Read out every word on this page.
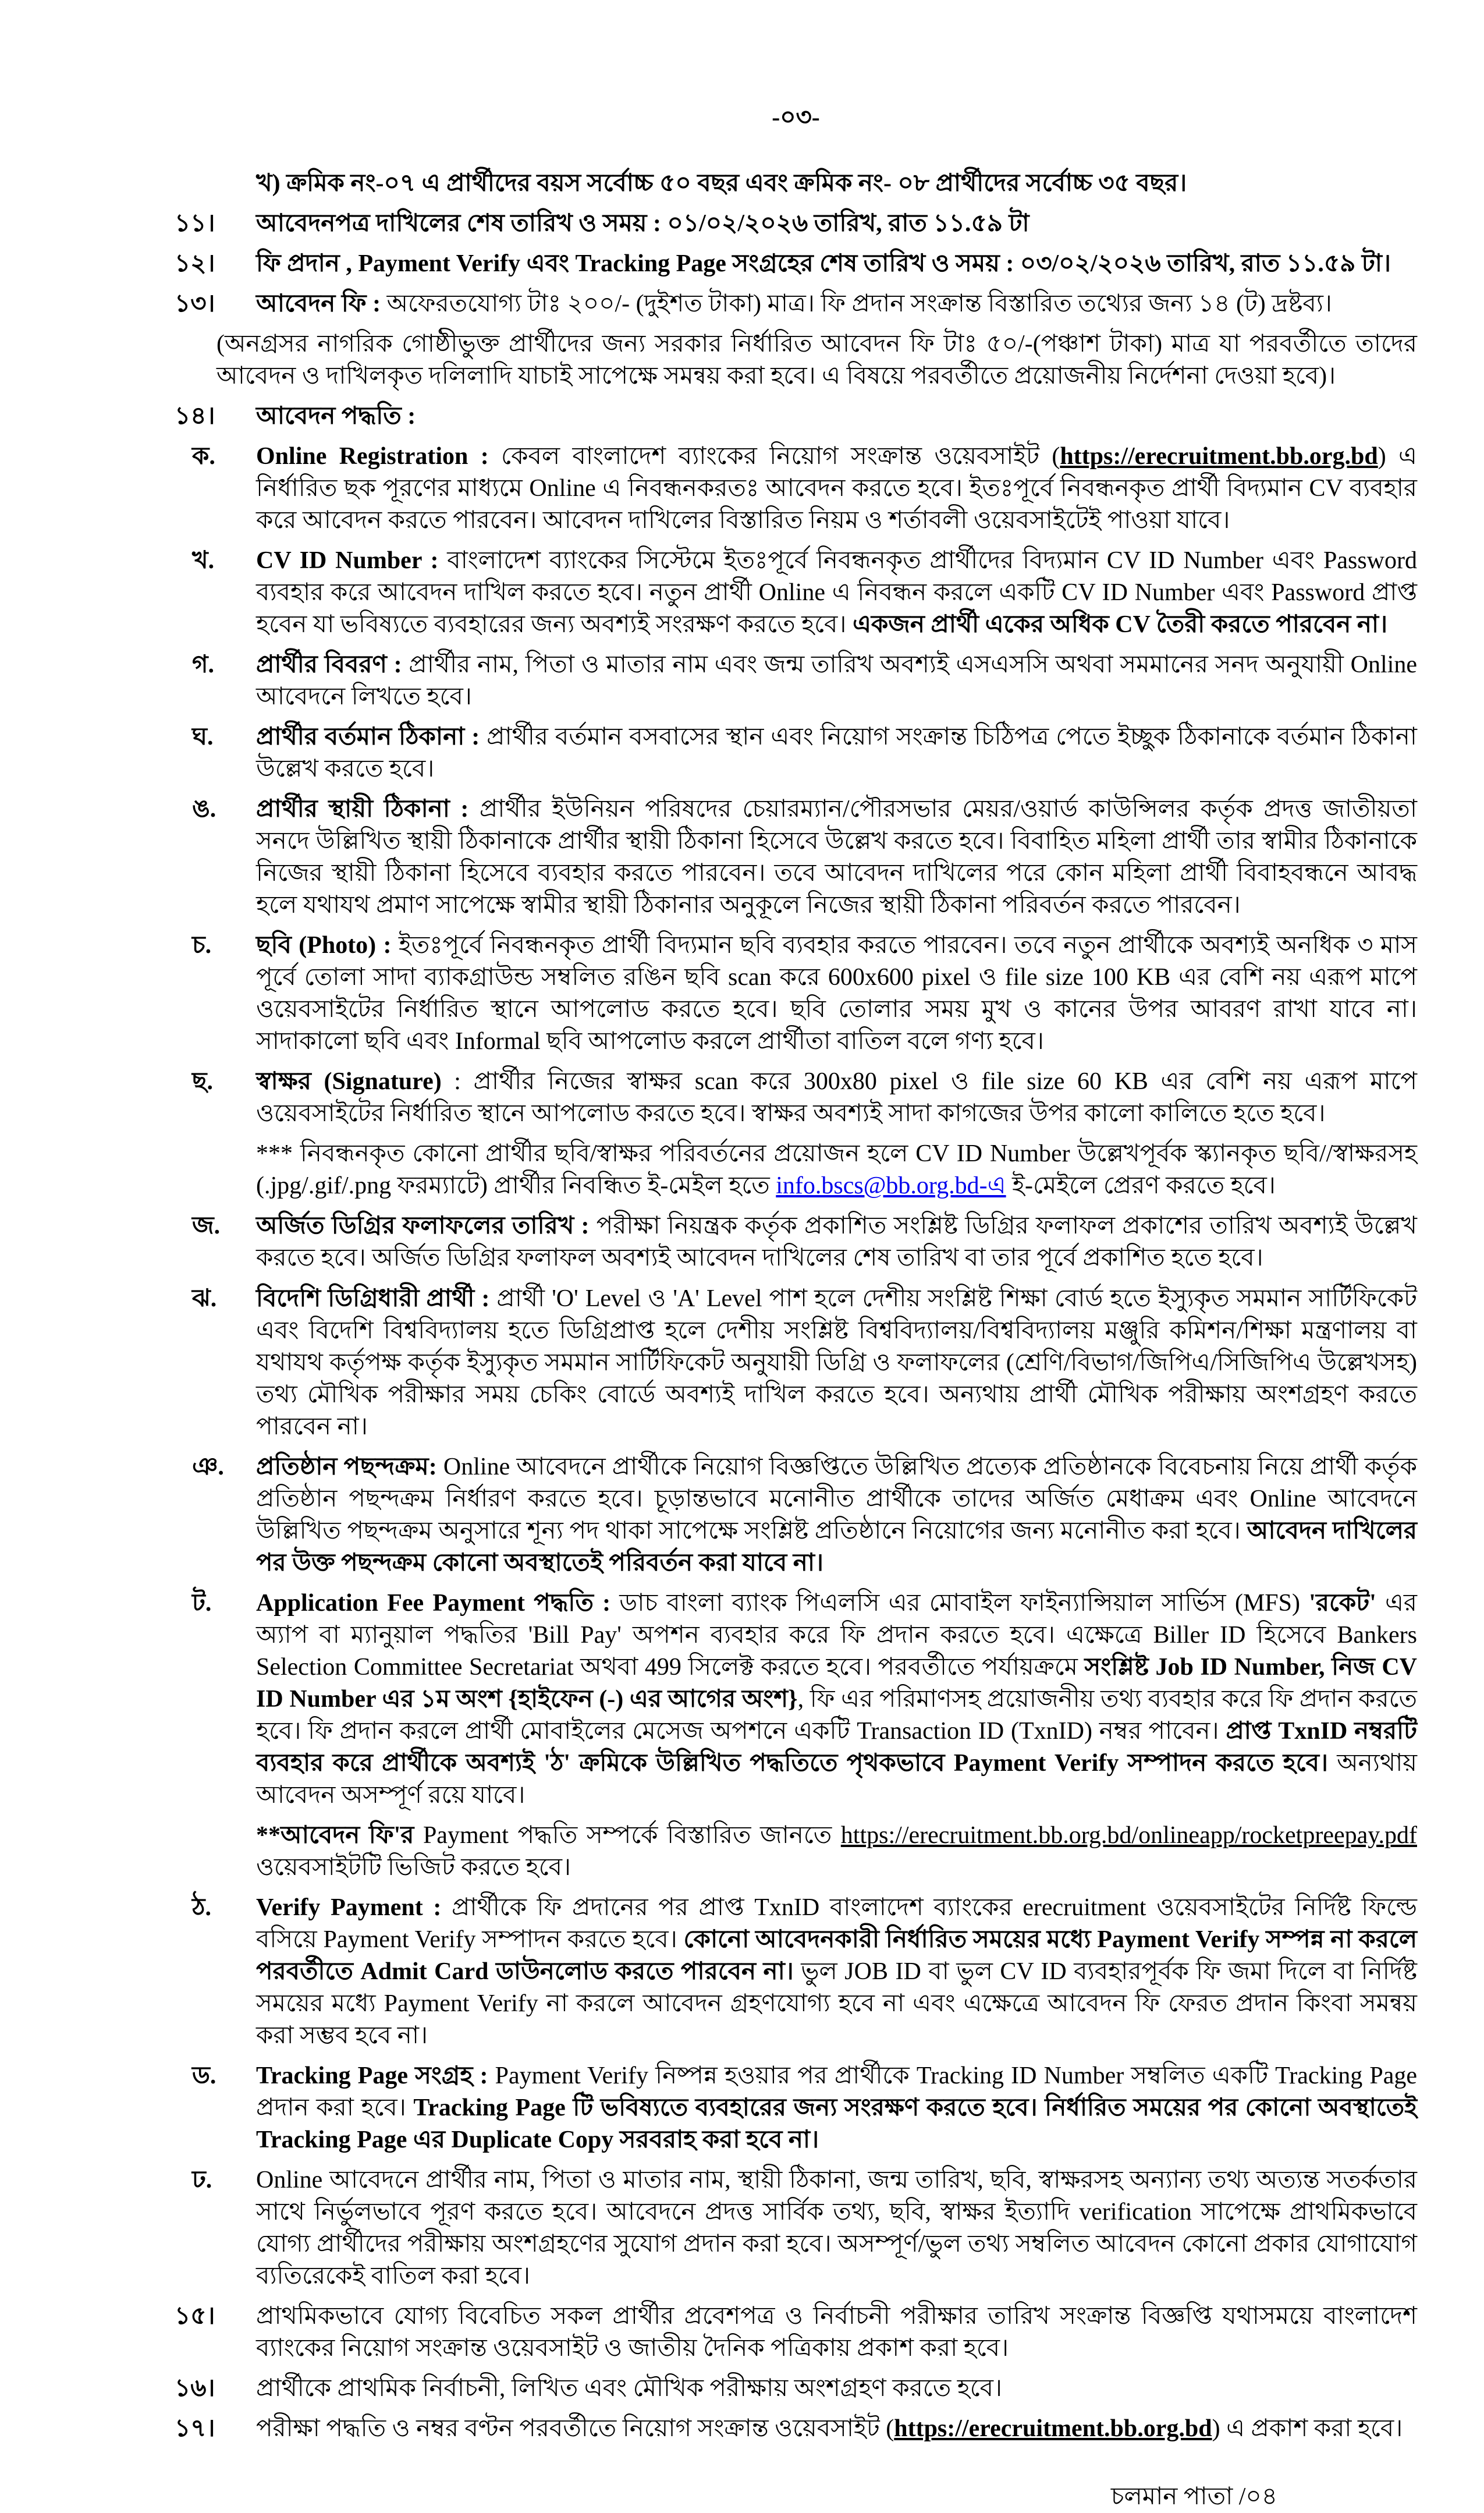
-০৩-
খ) ক্রমিক নং-০৭ এ প্রার্থীদের বয়স সর্বোচ্চ ৫০ বছর এবং ক্রমিক নং- ০৮ প্রার্থীদের সর্বোচ্চ ৩৫ বছর।
১১।	আবেদনপত্র দাখিলের শেষ তারিখ ও সময় : ০১/০২/২০২৬ তারিখ, রাত ১১.৫৯ টা
১২।	ফি প্রদান , Payment Verify এবং Tracking Page সংগ্রহের শেষ তারিখ ও সময় : ০৩/০২/২০২৬ তারিখ, রাত ১১.৫৯ টা।
১৩।	আবেদন ফি : অফেরতযোগ্য টাঃ ২০০/- (দুইশত টাকা) মাত্র। ফি প্রদান সংক্রান্ত বিস্তারিত তথ্যের জন্য ১৪ (ট) দ্রষ্টব্য।
(অনগ্রসর নাগরিক গোষ্ঠীভুক্ত প্রার্থীদের জন্য সরকার নির্ধারিত আবেদন ফি টাঃ ৫০/-(পঞ্চাশ টাকা) মাত্র যা পরবর্তীতে তাদের আবেদন ও দাখিলকৃত দলিলাদি যাচাই সাপেক্ষে সমন্বয় করা হবে। এ বিষয়ে পরবর্তীতে প্রয়োজনীয় নির্দেশনা দেওয়া হবে)।
১৪।	আবেদন পদ্ধতি :
ক.	Online Registration : কেবল বাংলাদেশ ব্যাংকের নিয়োগ সংক্রান্ত ওয়েবসাইট (https://erecruitment.bb.org.bd) এ নির্ধারিত ছক পূরণের মাধ্যমে Online এ নিবন্ধনকরতঃ আবেদন করতে হবে। ইতঃপূর্বে নিবন্ধনকৃত প্রার্থী বিদ্যমান CV ব্যবহার করে আবেদন করতে পারবেন। আবেদন দাখিলের বিস্তারিত নিয়ম ও শর্তাবলী ওয়েবসাইটেই পাওয়া যাবে।
খ.	CV ID Number : বাংলাদেশ ব্যাংকের সিস্টেমে ইতঃপূর্বে নিবন্ধনকৃত প্রার্থীদের বিদ্যমান CV ID Number এবং Password ব্যবহার করে আবেদন দাখিল করতে হবে। নতুন প্রার্থী Online এ নিবন্ধন করলে একটি CV ID Number এবং Password প্রাপ্ত হবেন যা ভবিষ্যতে ব্যবহারের জন্য অবশ্যই সংরক্ষণ করতে হবে। একজন প্রার্থী একের অধিক CV তৈরী করতে পারবেন না।
গ.	প্রার্থীর বিবরণ : প্রার্থীর নাম, পিতা ও মাতার নাম এবং জন্ম তারিখ অবশ্যই এসএসসি অথবা সমমানের সনদ অনুযায়ী Online আবেদনে লিখতে হবে।
ঘ.	প্রার্থীর বর্তমান ঠিকানা : প্রার্থীর বর্তমান বসবাসের স্থান এবং নিয়োগ সংক্রান্ত চিঠিপত্র পেতে ইচ্ছুক ঠিকানাকে বর্তমান ঠিকানা উল্লেখ করতে হবে।
ঙ.	প্রার্থীর স্থায়ী ঠিকানা : প্রার্থীর ইউনিয়ন পরিষদের চেয়ারম্যান/পৌরসভার মেয়র/ওয়ার্ড কাউন্সিলর কর্তৃক প্রদত্ত জাতীয়তা সনদে উল্লিখিত স্থায়ী ঠিকানাকে প্রার্থীর স্থায়ী ঠিকানা হিসেবে উল্লেখ করতে হবে। বিবাহিত মহিলা প্রার্থী তার স্বামীর ঠিকানাকে নিজের স্থায়ী ঠিকানা হিসেবে ব্যবহার করতে পারবেন। তবে আবেদন দাখিলের পরে কোন মহিলা প্রার্থী বিবাহবন্ধনে আবদ্ধ হলে যথাযথ প্রমাণ সাপেক্ষে স্বামীর স্থায়ী ঠিকানার অনুকূলে নিজের স্থায়ী ঠিকানা পরিবর্তন করতে পারবেন।
চ.	ছবি (Photo) : ইতঃপূর্বে নিবন্ধনকৃত প্রার্থী বিদ্যমান ছবি ব্যবহার করতে পারবেন। তবে নতুন প্রার্থীকে অবশ্যই অনধিক ৩ মাস পূর্বে তোলা সাদা ব্যাকগ্রাউন্ড সম্বলিত রঙিন ছবি scan করে 600x600 pixel ও file size 100 KB এর বেশি নয় এরূপ মাপে ওয়েবসাইটের নির্ধারিত স্থানে আপলোড করতে হবে। ছবি তোলার সময় মুখ ও কানের উপর আবরণ রাখা যাবে না। সাদাকালো ছবি এবং Informal ছবি আপলোড করলে প্রার্থীতা বাতিল বলে গণ্য হবে।
ছ.	স্বাক্ষর (Signature) : প্রার্থীর নিজের স্বাক্ষর scan করে 300x80 pixel ও file size 60 KB এর বেশি নয় এরূপ মাপে ওয়েবসাইটের নির্ধারিত স্থানে আপলোড করতে হবে। স্বাক্ষর অবশ্যই সাদা কাগজের উপর কালো কালিতে হতে হবে।
*** নিবন্ধনকৃত কোনো প্রার্থীর ছবি/স্বাক্ষর পরিবর্তনের প্রয়োজন হলে CV ID Number উল্লেখপূর্বক স্ক্যানকৃত ছবি//স্বাক্ষরসহ (.jpg/.gif/.png ফরম্যাটে) প্রার্থীর নিবন্ধিত ই-মেইল হতে info.bscs@bb.org.bd-এ ই-মেইলে প্রেরণ করতে হবে।
জ.	অর্জিত ডিগ্রির ফলাফলের তারিখ : পরীক্ষা নিয়ন্ত্রক কর্তৃক প্রকাশিত সংশ্লিষ্ট ডিগ্রির ফলাফল প্রকাশের তারিখ অবশ্যই উল্লেখ করতে হবে। অর্জিত ডিগ্রির ফলাফল অবশ্যই আবেদন দাখিলের শেষ তারিখ বা তার পূর্বে প্রকাশিত হতে হবে।
ঝ.	বিদেশি ডিগ্রিধারী প্রার্থী : প্রার্থী 'O' Level ও 'A' Level পাশ হলে দেশীয় সংশ্লিষ্ট শিক্ষা বোর্ড হতে ইস্যুকৃত সমমান সার্টিফিকেট এবং বিদেশি বিশ্ববিদ্যালয় হতে ডিগ্রিপ্রাপ্ত হলে দেশীয় সংশ্লিষ্ট বিশ্ববিদ্যালয়/বিশ্ববিদ্যালয় মঞ্জুরি কমিশন/শিক্ষা মন্ত্রণালয় বা যথাযথ কর্তৃপক্ষ কর্তৃক ইস্যুকৃত সমমান সার্টিফিকেট অনুযায়ী ডিগ্রি ও ফলাফলের (শ্রেণি/বিভাগ/জিপিএ/সিজিপিএ উল্লেখসহ) তথ্য মৌখিক পরীক্ষার সময় চেকিং বোর্ডে অবশ্যই দাখিল করতে হবে। অন্যথায় প্রার্থী মৌখিক পরীক্ষায় অংশগ্রহণ করতে পারবেন না।
ঞ.	প্রতিষ্ঠান পছন্দক্রম: Online আবেদনে প্রার্থীকে নিয়োগ বিজ্ঞপ্তিতে উল্লিখিত প্রত্যেক প্রতিষ্ঠানকে বিবেচনায় নিয়ে প্রার্থী কর্তৃক প্রতিষ্ঠান পছন্দক্রম নির্ধারণ করতে হবে। চূড়ান্তভাবে মনোনীত প্রার্থীকে তাদের অর্জিত মেধাক্রম এবং Online আবেদনে উল্লিখিত পছন্দক্রম অনুসারে শূন্য পদ থাকা সাপেক্ষে সংশ্লিষ্ট প্রতিষ্ঠানে নিয়োগের জন্য মনোনীত করা হবে। আবেদন দাখিলের পর উক্ত পছন্দক্রম কোনো অবস্থাতেই পরিবর্তন করা যাবে না।
ট.	Application Fee Payment পদ্ধতি : ডাচ বাংলা ব্যাংক পিএলসি এর মোবাইল ফাইন্যান্সিয়াল সার্ভিস (MFS) 'রকেট' এর অ্যাপ বা ম্যানুয়াল পদ্ধতির 'Bill Pay' অপশন ব্যবহার করে ফি প্রদান করতে হবে। এক্ষেত্রে Biller ID হিসেবে Bankers Selection Committee Secretariat অথবা 499 সিলেক্ট করতে হবে। পরবর্তীতে পর্যায়ক্রমে সংশ্লিষ্ট Job ID Number, নিজ CV ID Number এর ১ম অংশ {হাইফেন (-) এর আগের অংশ}, ফি এর পরিমাণসহ প্রয়োজনীয় তথ্য ব্যবহার করে ফি প্রদান করতে হবে। ফি প্রদান করলে প্রার্থী মোবাইলের মেসেজ অপশনে একটি Transaction ID (TxnID) নম্বর পাবেন। প্রাপ্ত TxnID নম্বরটি ব্যবহার করে প্রার্থীকে অবশ্যই 'ঠ' ক্রমিকে উল্লিখিত পদ্ধতিতে পৃথকভাবে Payment Verify সম্পাদন করতে হবে। অন্যথায় আবেদন অসম্পূর্ণ রয়ে যাবে।
**আবেদন ফি'র Payment পদ্ধতি সম্পর্কে বিস্তারিত জানতে https://erecruitment.bb.org.bd/onlineapp/rocketpreepay.pdf ওয়েবসাইটটি ভিজিট করতে হবে।
ঠ.	Verify Payment : প্রার্থীকে ফি প্রদানের পর প্রাপ্ত TxnID বাংলাদেশ ব্যাংকের erecruitment ওয়েবসাইটের নির্দিষ্ট ফিল্ডে বসিয়ে Payment Verify সম্পাদন করতে হবে। কোনো আবেদনকারী নির্ধারিত সময়ের মধ্যে Payment Verify সম্পন্ন না করলে পরবর্তীতে Admit Card ডাউনলোড করতে পারবেন না। ভুল JOB ID বা ভুল CV ID ব্যবহারপূর্বক ফি জমা দিলে বা নির্দিষ্ট সময়ের মধ্যে Payment Verify না করলে আবেদন গ্রহণযোগ্য হবে না এবং এক্ষেত্রে আবেদন ফি ফেরত প্রদান কিংবা সমন্বয় করা সম্ভব হবে না।
ড.	Tracking Page সংগ্রহ : Payment Verify নিষ্পন্ন হওয়ার পর প্রার্থীকে Tracking ID Number সম্বলিত একটি Tracking Page প্রদান করা হবে। Tracking Page টি ভবিষ্যতে ব্যবহারের জন্য সংরক্ষণ করতে হবে। নির্ধারিত সময়ের পর কোনো অবস্থাতেই Tracking Page এর Duplicate Copy সরবরাহ করা হবে না।
ঢ.	Online আবেদনে প্রার্থীর নাম, পিতা ও মাতার নাম, স্থায়ী ঠিকানা, জন্ম তারিখ, ছবি, স্বাক্ষরসহ অন্যান্য তথ্য অত্যন্ত সতর্কতার সাথে নির্ভুলভাবে পূরণ করতে হবে। আবেদনে প্রদত্ত সার্বিক তথ্য, ছবি, স্বাক্ষর ইত্যাদি verification সাপেক্ষে প্রাথমিকভাবে যোগ্য প্রার্থীদের পরীক্ষায় অংশগ্রহণের সুযোগ প্রদান করা হবে। অসম্পূর্ণ/ভুল তথ্য সম্বলিত আবেদন কোনো প্রকার যোগাযোগ ব্যতিরেকেই বাতিল করা হবে।
১৫।	প্রাথমিকভাবে যোগ্য বিবেচিত সকল প্রার্থীর প্রবেশপত্র ও নির্বাচনী পরীক্ষার তারিখ সংক্রান্ত বিজ্ঞপ্তি যথাসময়ে বাংলাদেশ ব্যাংকের নিয়োগ সংক্রান্ত ওয়েবসাইট ও জাতীয় দৈনিক পত্রিকায় প্রকাশ করা হবে।
১৬।	প্রার্থীকে প্রাথমিক নির্বাচনী, লিখিত এবং মৌখিক পরীক্ষায় অংশগ্রহণ করতে হবে।
১৭।	পরীক্ষা পদ্ধতি ও নম্বর বণ্টন পরবর্তীতে নিয়োগ সংক্রান্ত ওয়েবসাইট (https://erecruitment.bb.org.bd) এ প্রকাশ করা হবে।
চলমান পাতা /০৪
